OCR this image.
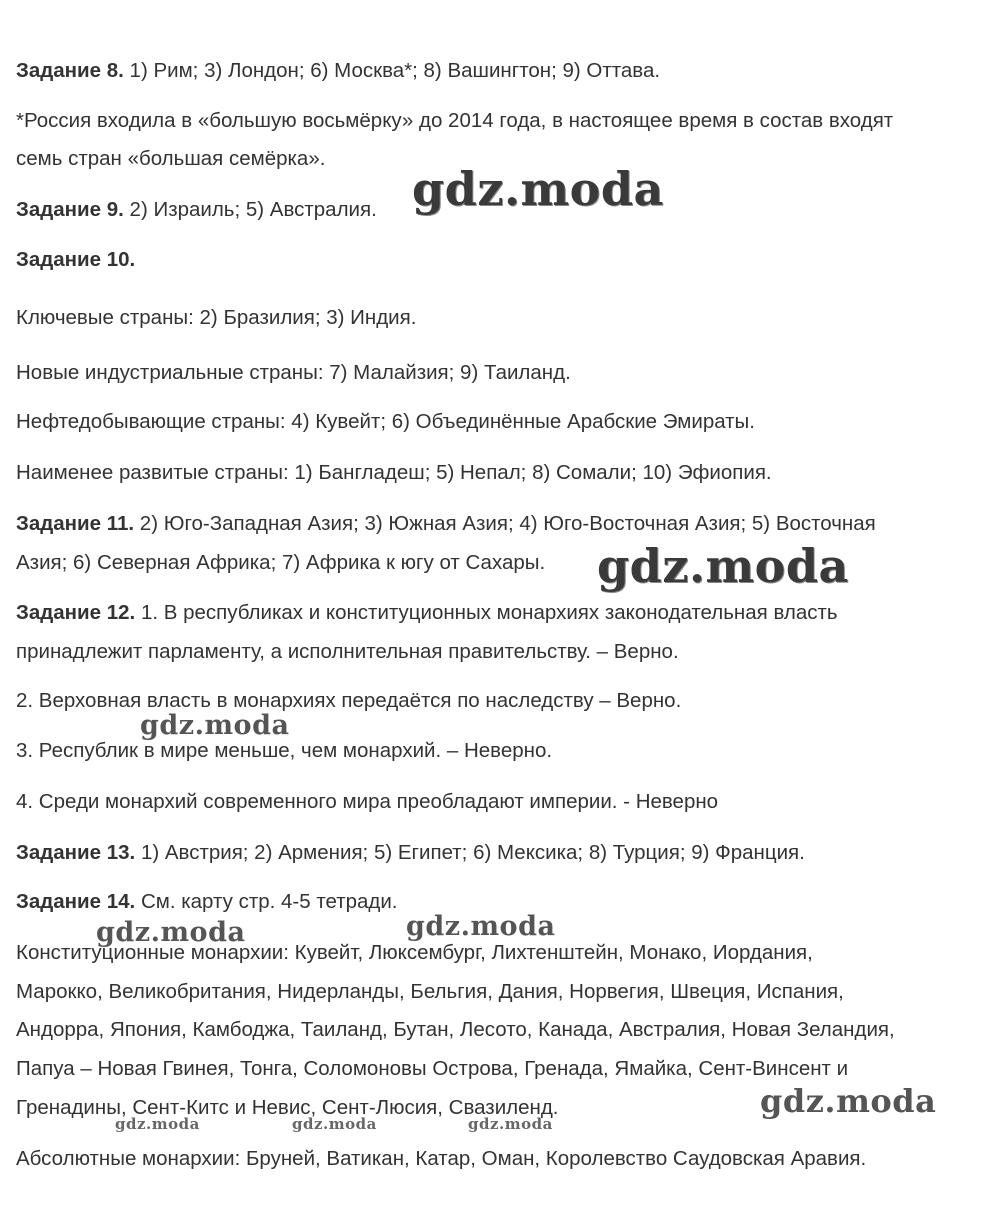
Задание 8. 1) Рим; 3) Лондон; 6) Москва*; 8) Вашингтон; 9) Оттава.
*Россия входила в «большую восьмёрку» до 2014 года, в настоящее время в состав входят
семь стран «большая семёрка».
Задание 9. 2) Израиль; 5) Австралия.
Задание 10.
Ключевые страны: 2) Бразилия; 3) Индия.
Новые индустриальные страны: 7) Малайзия; 9) Таиланд.
Нефтедобывающие страны: 4) Кувейт; 6) Объединённые Арабские Эмираты.
Наименее развитые страны: 1) Бангладеш; 5) Непал; 8) Сомали; 10) Эфиопия.
Задание 11. 2) Юго-Западная Азия; 3) Южная Азия; 4) Юго-Восточная Азия; 5) Восточная
Азия; 6) Северная Африка; 7) Африка к югу от Сахары.
Задание 12. 1. В республиках и конституционных монархиях законодательная власть
принадлежит парламенту, а исполнительная правительству. – Верно.
2. Верховная власть в монархиях передаётся по наследству – Верно.
3. Республик в мире меньше, чем монархий. – Неверно.
4. Среди монархий современного мира преобладают империи. - Неверно
Задание 13. 1) Австрия; 2) Армения; 5) Египет; 6) Мексика; 8) Турция; 9) Франция.
Задание 14. См. карту стр. 4-5 тетради.
Конституционные монархии: Кувейт, Люксембург, Лихтенштейн, Монако, Иордания,
Марокко, Великобритания, Нидерланды, Бельгия, Дания, Норвегия, Швеция, Испания,
Андорра, Япония, Камбоджа, Таиланд, Бутан, Лесото, Канада, Австралия, Новая Зеландия,
Папуа – Новая Гвинея, Тонга, Соломоновы Острова, Гренада, Ямайка, Сент-Винсент и
Гренадины, Сент-Китс и Невис, Сент-Люсия, Свазиленд.
Абсолютные монархии: Бруней, Ватикан, Катар, Оман, Королевство Саудовская Аравия.
gdz.moda
gdz.moda
gdz.moda
gdz.moda	gdz.moda
gdz.moda
gdz.moda	gdz.moda	gdz.moda
